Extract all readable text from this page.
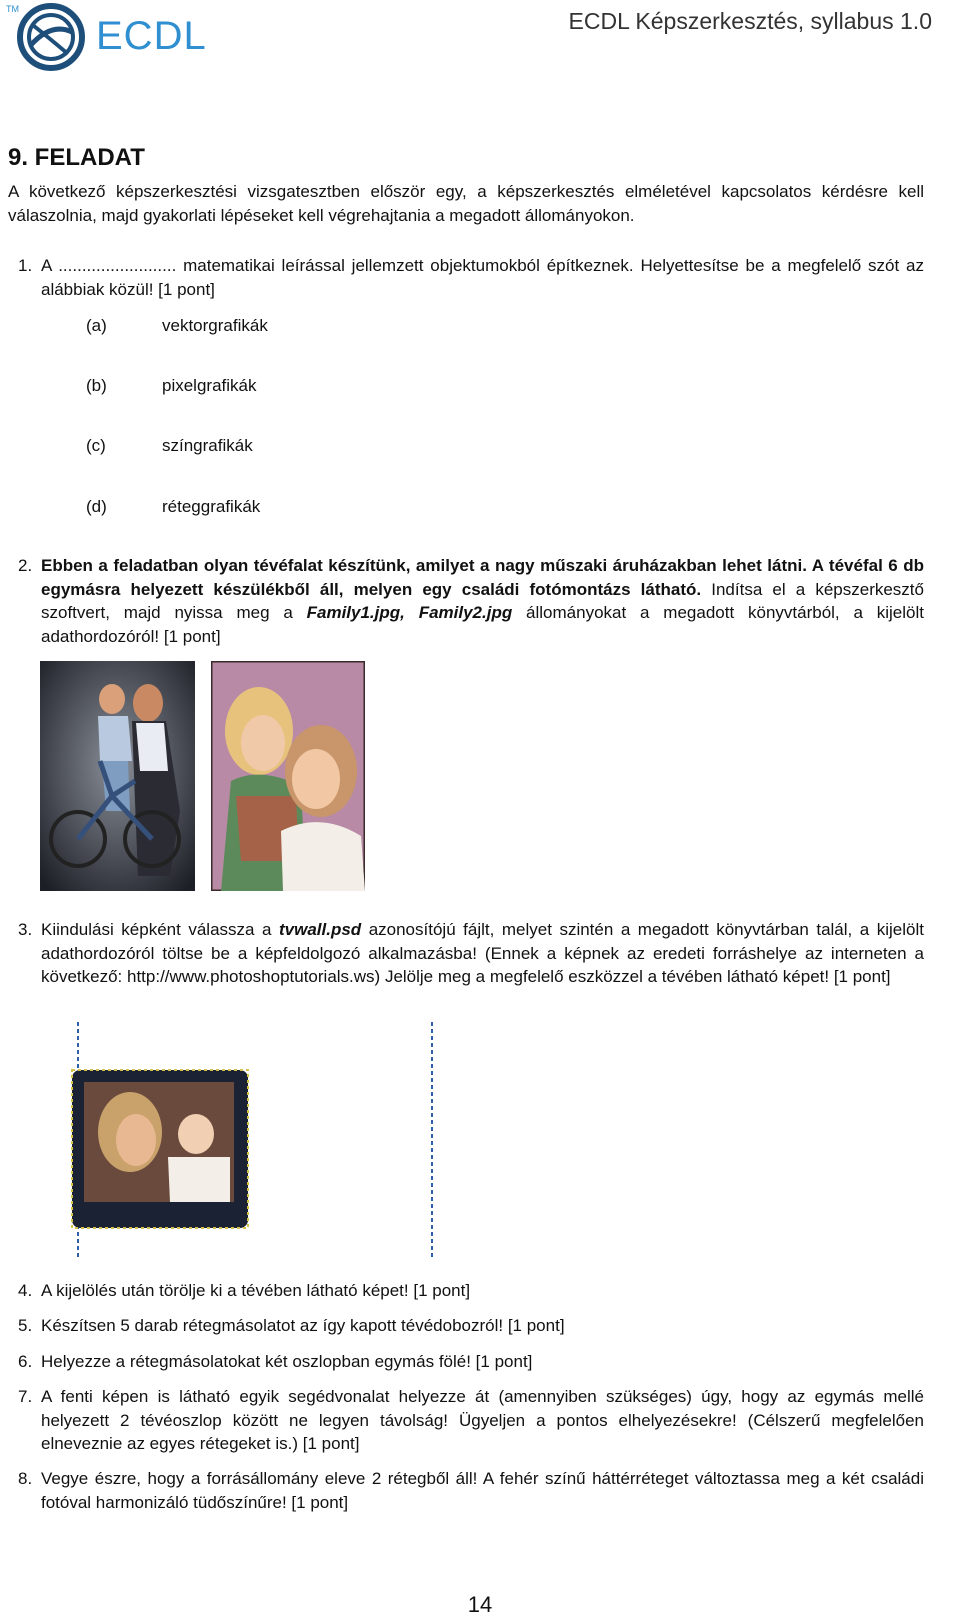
TM
ECDL	ECDL Képszerkesztés, syllabus 1.0
9. FELADAT

A következő képszerkesztési vizsgatesztben először egy, a képszerkesztés elméletével kapcsolatos kérdésre kell válaszolnia, majd gyakorlati lépéseket kell végrehajtania a megadott állományokon.

1. A ......................... matematikai leírással jellemzett objektumokból építkeznek. Helyettesítse be a megfelelő szót az alábbiak közül! [1 pont]

(a)	vektorgrafikák
(b)	pixelgrafikák
(c)	színgrafikák
(d)	réteggrafikák
2. Ebben a feladatban olyan tévéfalat készítünk, amilyet a nagy műszaki áruházakban lehet látni. A tévéfal 6 db egymásra helyezett készülékből áll, melyen egy családi fotómontázs látható. Indítsa el a képszerkesztő szoftvert, majd nyissa meg a Family1.jpg, Family2.jpg állományokat a megadott könyvtárból, a kijelölt adathordozóról! [1 pont]

3. Kiindulási képként válassza a tvwall.psd azonosítójú fájlt, melyet szintén a megadott könyvtárban talál, a kijelölt adathordozóról töltse be a képfeldolgozó alkalmazásba! (Ennek a képnek az eredeti forráshelye az interneten a következő: http://www.photoshoptutorials.ws) Jelölje meg a megfelelő eszközzel a tévében látható képet! [1 pont]

4. A kijelölés után törölje ki a tévében látható képet! [1 pont]

5. Készítsen 5 darab rétegmásolatot az így kapott tévédobozról! [1 pont]

6. Helyezze a rétegmásolatokat két oszlopban egymás fölé! [1 pont]

7. A fenti képen is látható egyik segédvonalat helyezze át (amennyiben szükséges) úgy, hogy az egymás mellé helyezett 2 tévéoszlop között ne legyen távolság! Ügyeljen a pontos elhelyezésekre! (Célszerű megfelelően elneveznie az egyes rétegeket is.) [1 pont]

8. Vegye észre, hogy a forrásállomány eleve 2 rétegből áll! A fehér színű háttérréteget változtassa meg a két családi fotóval harmonizáló tüdőszínűre! [1 pont]

14
